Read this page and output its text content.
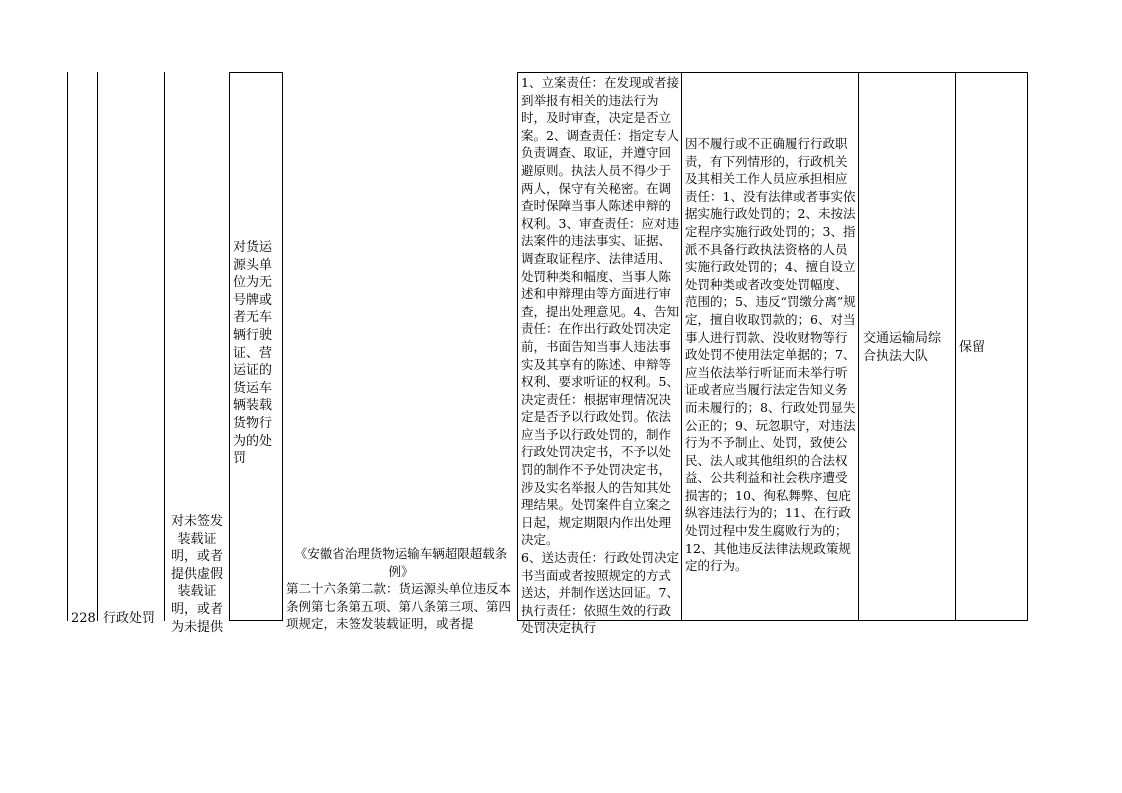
228 行政处罚
对未签发
装载证
明，或者
提供虚假
装载证
明，或者
为未提供
对货运
源头单
位为无
号牌或
者无车
辆行驶
证、营
运证的
货运车
辆装载
货物行
为的处
罚
《安徽省治理货物运输车辆超限超载条例》
第二十六条第二款：货运源头单位违反本条例第七条第五项、第八条第三项、第四项规定，未签发装载证明，或者提
1、立案责任：在发现或者接到举报有相关的违法行为时，及时审查，决定是否立案。2、调查责任：指定专人负责调查、取证，并遵守回避原则。执法人员不得少于两人，保守有关秘密。在调查时保障当事人陈述申辩的权利。3、审查责任：应对违法案件的违法事实、证据、调查取证程序、法律适用、处罚种类和幅度、当事人陈述和申辩理由等方面进行审查，提出处理意见。4、告知责任：在作出行政处罚决定前，书面告知当事人违法事实及其享有的陈述、申辩等权利、要求听证的权利。5、决定责任：根据审理情况决定是否予以行政处罚。依法应当予以行政处罚的，制作行政处罚决定书，不予以处罚的制作不予处罚决定书，涉及实名举报人的告知其处理结果。处罚案件自立案之日起，规定期限内作出处理决定。
6、送达责任：行政处罚决定书当面或者按照规定的方式送达，并制作送达回证。7、执行责任：依照生效的行政处罚决定执行
因不履行或不正确履行行政职责，有下列情形的，行政机关及其相关工作人员应承担相应责任：1、没有法律或者事实依据实施行政处罚的；2、未按法定程序实施行政处罚的；3、指派不具备行政执法资格的人员实施行政处罚的；4、擅自设立处罚种类或者改变处罚幅度、范围的；5、违反“罚缴分离”规定，擅自收取罚款的；6、对当事人进行罚款、没收财物等行政处罚不使用法定单据的；7、应当依法举行听证而未举行听证或者应当履行法定告知义务而未履行的；8、行政处罚显失公正的；9、玩忽职守，对违法行为不予制止、处罚，致使公民、法人或其他组织的合法权益、公共利益和社会秩序遭受损害的；10、徇私舞弊、包庇纵容违法行为的；11、在行政处罚过程中发生腐败行为的；12、其他违反法律法规政策规定的行为。
交通运输局综合执法大队
保留
